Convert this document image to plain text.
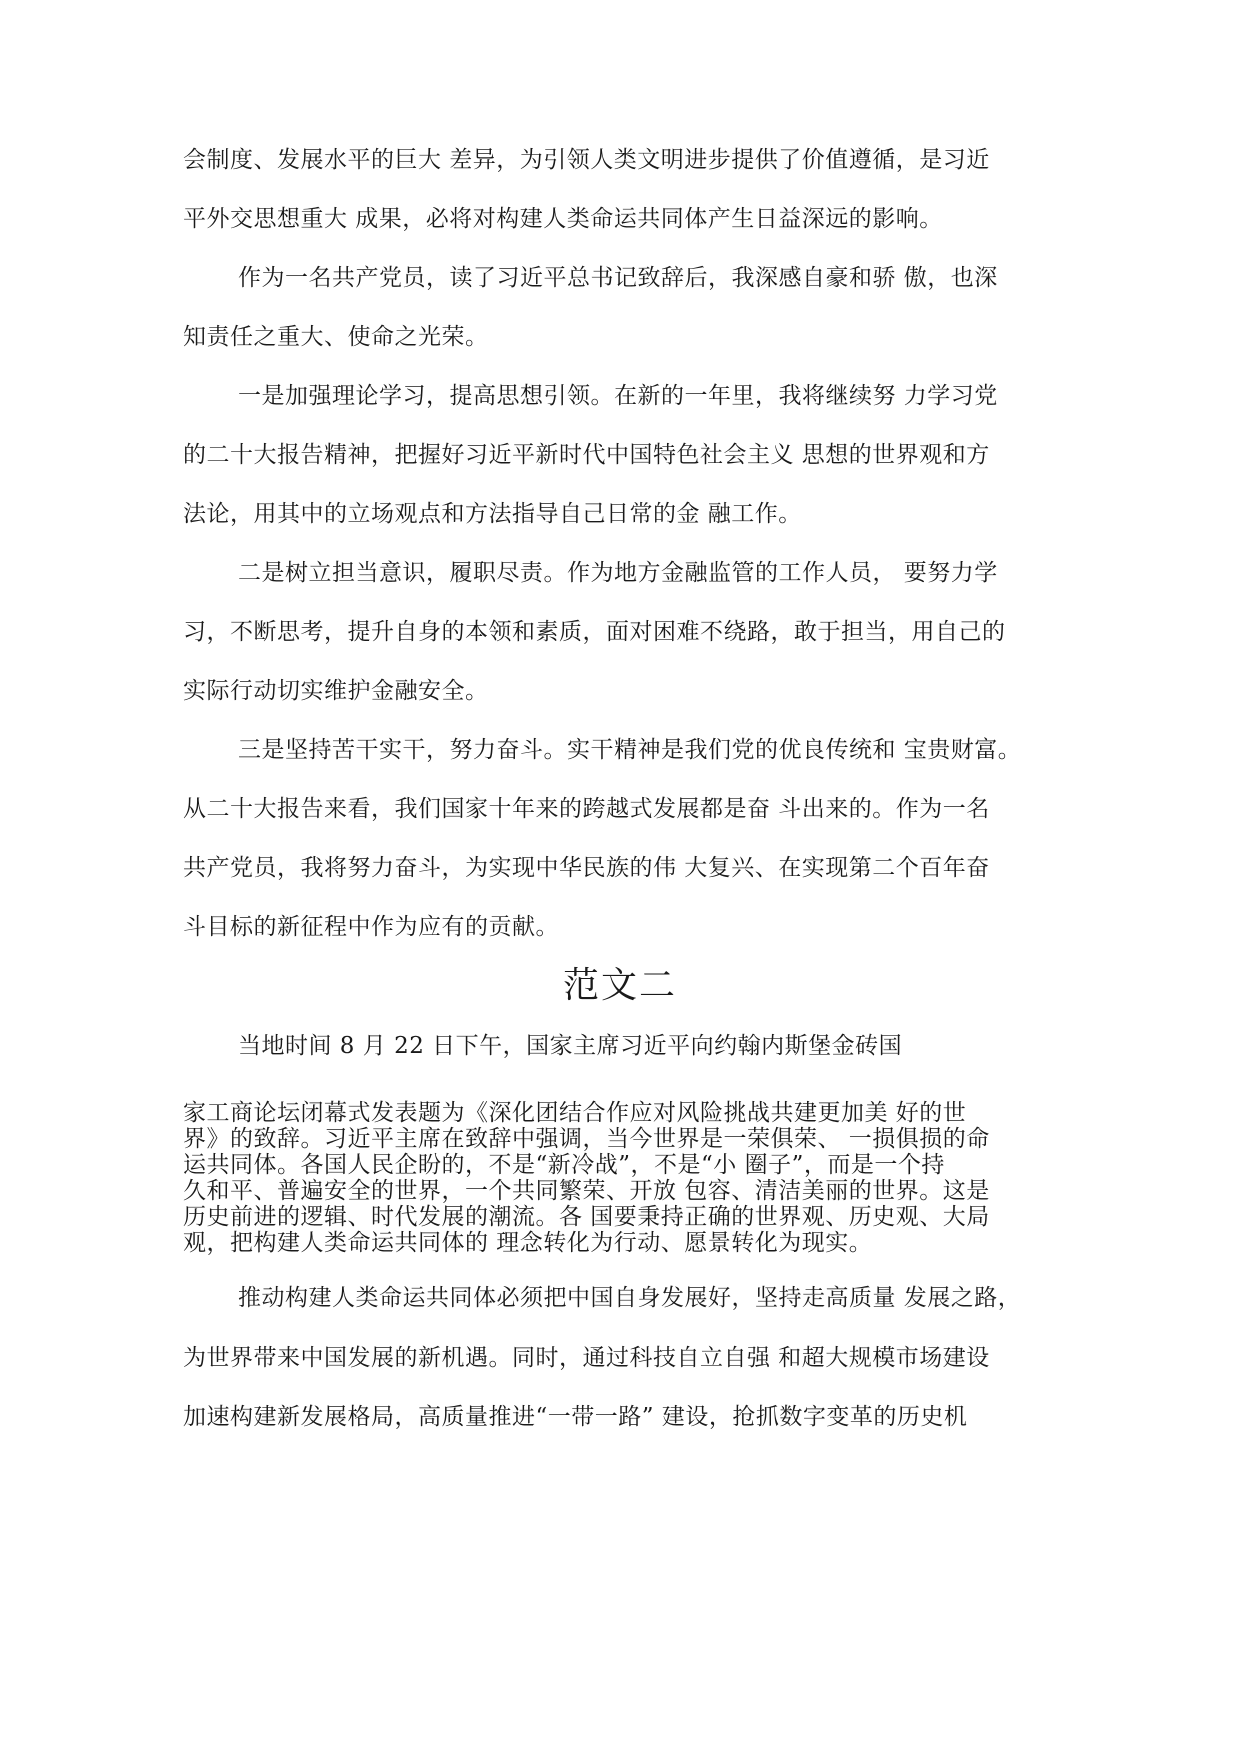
会制度、发展水平的巨大 差异，为引领人类文明进步提供了价值遵循，是习近
平外交思想重大 成果，必将对构建人类命运共同体产生日益深远的影响。
作为一名共产党员，读了习近平总书记致辞后，我深感自豪和骄 傲，也深
知责任之重大、使命之光荣。
一是加强理论学习，提高思想引领。在新的一年里，我将继续努 力学习党
的二十大报告精神，把握好习近平新时代中国特色社会主义 思想的世界观和方
法论，用其中的立场观点和方法指导自己日常的金 融工作。
二是树立担当意识，履职尽责。作为地方金融监管的工作人员， 要努力学
习，不断思考，提升自身的本领和素质，面对困难不绕路，敢于担当，用自己的
实际行动切实维护金融安全。
三是坚持苦干实干，努力奋斗。实干精神是我们党的优良传统和 宝贵财富。
从二十大报告来看，我们国家十年来的跨越式发展都是奋 斗出来的。作为一名
共产党员，我将努力奋斗，为实现中华民族的伟 大复兴、在实现第二个百年奋
斗目标的新征程中作为应有的贡献。
范文二
当地时间 8 月 22 日下午，国家主席习近平向约翰内斯堡金砖国
家工商论坛闭幕式发表题为《深化团结合作应对风险挑战共建更加美 好的世
界》的致辞。习近平主席在致辞中强调，当今世界是一荣俱荣、 一损俱损的命
运共同体。各国人民企盼的，不是“新冷战”，不是“小 圈子”，而是一个持
久和平、普遍安全的世界，一个共同繁荣、开放 包容、清洁美丽的世界。这是
历史前进的逻辑、时代发展的潮流。各 国要秉持正确的世界观、历史观、大局
观，把构建人类命运共同体的 理念转化为行动、愿景转化为现实。
推动构建人类命运共同体必须把中国自身发展好，坚持走高质量 发展之路，
为世界带来中国发展的新机遇。同时，通过科技自立自强 和超大规模市场建设
加速构建新发展格局，高质量推进“一带一路” 建设，抢抓数字变革的历史机
